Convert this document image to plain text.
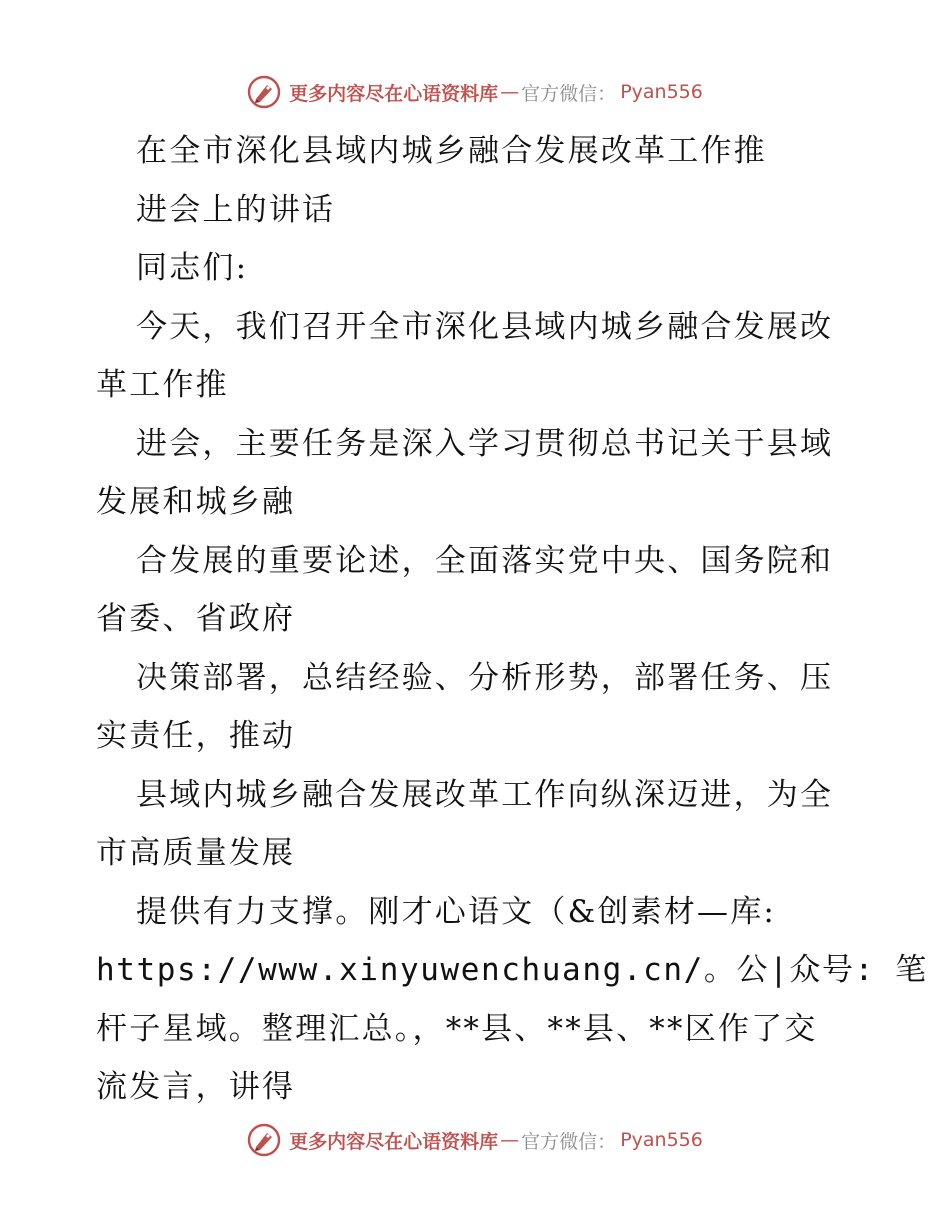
更多内容尽在心语资料库 — 官方微信 ： Pyan556
在全市深化县域内城乡融合发展改革工作推
进会上的讲话
同志们:
今天，我们召开全市深化县域内城乡融合发展改
革工作推
进会，主要任务是深入学习贯彻总书记关于县域
发展和城乡融
合发展的重要论述，全面落实党中央、国务院和
省委、省政府
决策部署，总结经验、分析形势，部署任务、压
实责任，推动
县域内城乡融合发展改革工作向纵深迈进，为全
市高质量发展
提供有力支撑。刚才心语文（&创素材—库:
https://www.xinyuwenchuang.cn/。公|众号: 笔
杆子星域。整理汇总。，**县、**县、**区作了交
流发言，讲得
更多内容尽在心语资料库 — 官方微信 ： Pyan556
